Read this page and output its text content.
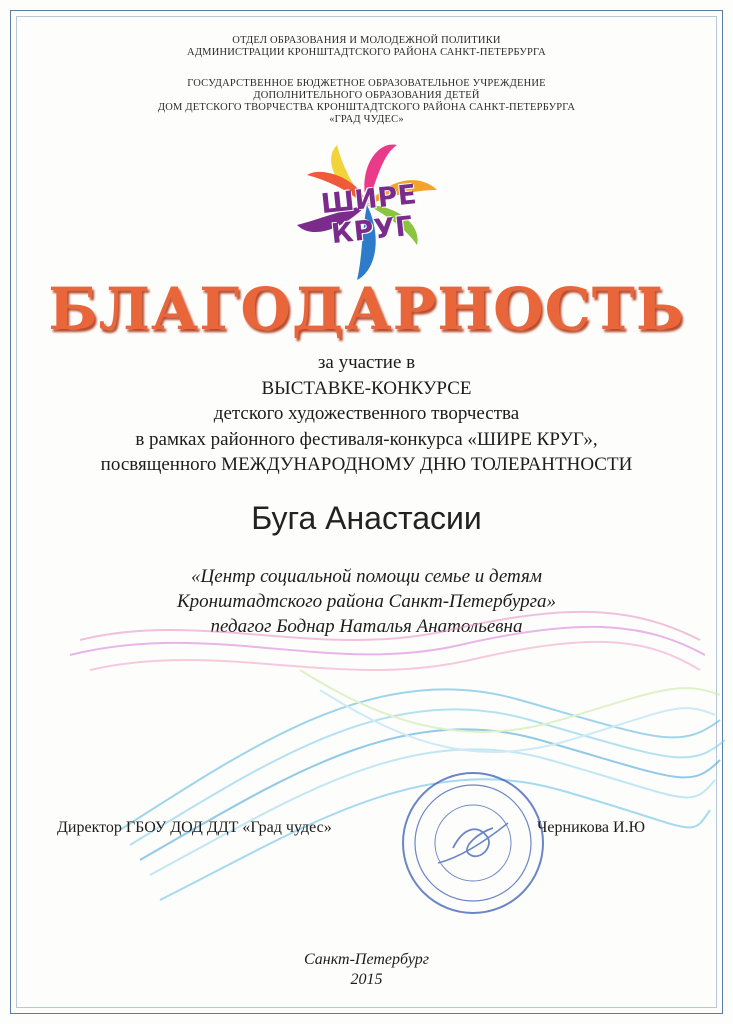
ОТДЕЛ ОБРАЗОВАНИЯ И МОЛОДЕЖНОЙ ПОЛИТИКИ
АДМИНИСТРАЦИИ КРОНШТАДТСКОГО РАЙОНА САНКТ-ПЕТЕРБУРГА
ГОСУДАРСТВЕННОЕ БЮДЖЕТНОЕ ОБРАЗОВАТЕЛЬНОЕ УЧРЕЖДЕНИЕ
ДОПОЛНИТЕЛЬНОГО ОБРАЗОВАНИЯ ДЕТЕЙ
ДОМ ДЕТСКОГО ТВОРЧЕСТВА КРОНШТАДТСКОГО РАЙОНА САНКТ-ПЕТЕРБУРГА
«ГРАД ЧУДЕС»
ШИРЕ КРУГ
БЛАГОДАРНОСТЬ
за участие в
ВЫСТАВКЕ-КОНКУРСЕ
детского художественного творчества
в рамках районного фестиваля-конкурса «ШИРЕ КРУГ»,
посвященного МЕЖДУНАРОДНОМУ ДНЮ ТОЛЕРАНТНОСТИ
Буга Анастасии
«Центр социальной помощи семье и детям
Кронштадтского района Санкт-Петербурга»
педагог Боднар Наталья Анатольевна
Директор ГБОУ ДОД ДДТ «Град чудес»	Черникова И.Ю
Санкт-Петербург
2015
